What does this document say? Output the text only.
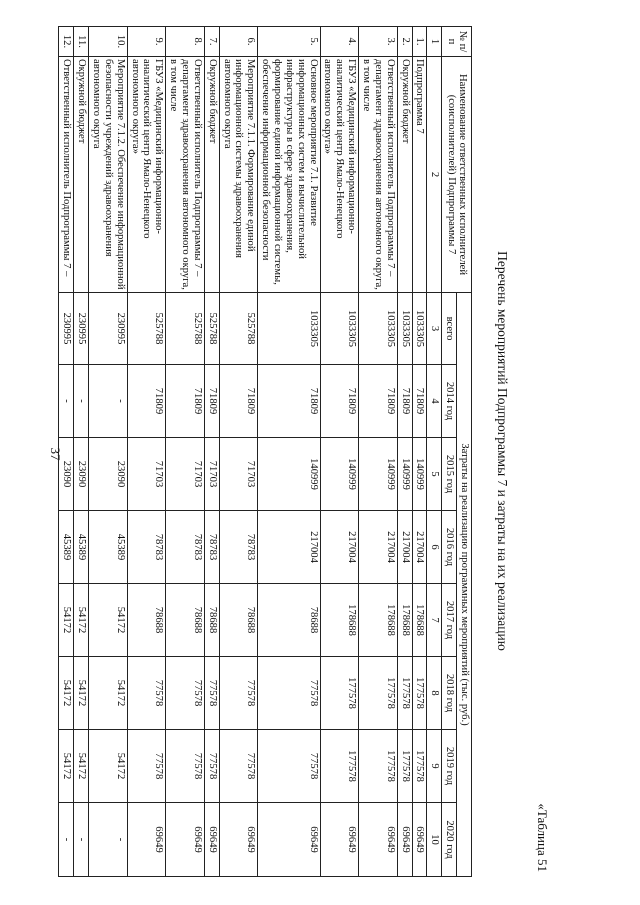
37
«Таблица 51
Перечень мероприятий Подпрограммы 7 и затраты на их реализацию
№ п/п	Наименование ответственных исполнителей (соисполнителей) Подпрограммы 7	Затраты на реализацию программных мероприятий (тыс. руб.)							
		всего	2014 год	2015 год	2016 год	2017 год	2018 год	2019 год	2020 год
1	2	3	4	5	6	7	8	9	10
1.	Подпрограмма 7	1033305	71809	140999	217004	178688	177578	177578	69649
2.	Окружной бюджет	1033305	71809	140999	217004	178688	177578	177578	69649
3.	Ответственный исполнитель Подпрограммы 7 – департамент здравоохранения автономного округа, в том числе	1033305	71809	140999	217004	178688	177578	177578	69649
4.	ГБУЗ «Медицинский информационно-аналитический центр Ямало-Ненецкого автономного округа»	1033305	71809	140999	217004	178688	177578	177578	69649
5.	Основное мероприятие 7.1. Развитие информационных систем и вычислительной инфраструктуры в сфере здравоохранения, формирование единой информационной системы, обеспечение информационной безопасности	1033305	71809	140999	217004	78688	77578	77578	69649
6.	Мероприятие 7.1.1. Формирование единой информационной системы здравоохранения автономного округа	525788	71809	71703	78783	78688	77578	77578	69649
7.	Окружной бюджет	525788	71809	71703	78783	78688	77578	77578	69649
8.	Ответственный исполнитель Подпрограммы 7 – департамент здравоохранения автономного округа, в том числе	525788	71809	71703	78783	78688	77578	77578	69649
9.	ГБУЗ «Медицинский информационно-аналитический центр Ямало-Ненецкого автономного округа»	525788	71809	71703	78783	78688	77578	77578	69649
10.	Мероприятие 7.1.2. Обеспечение информационной безопасности учреждений здравоохранения автономного округа	230995	-	23090	45389	54172	54172	54172	-
11.	Окружной бюджет	230995	-	23090	45389	54172	54172	54172	-
12.	Ответственный исполнитель Подпрограммы 7 –	230995	-	23090	45389	54172	54172	54172	-
